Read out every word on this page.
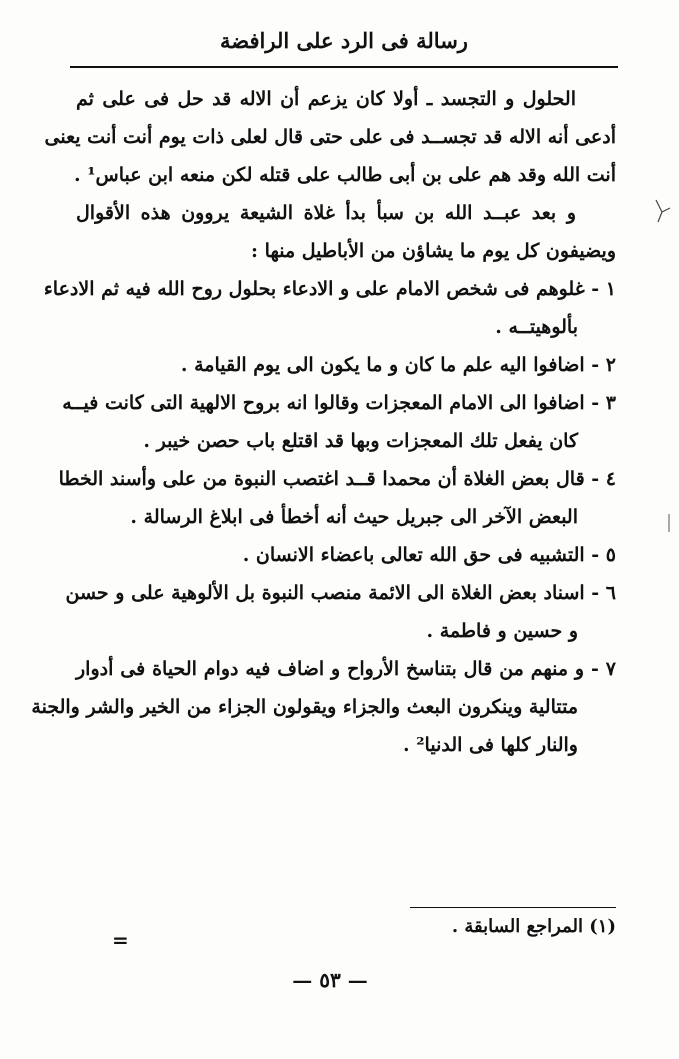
رسالة فى الرد على الرافضة
الحلول و التجسد ـ أولا كان يزعم أن الاله قد حل فى على ثم
أدعى أنه الاله قد تجســد فى على حتى قال لعلى ذات يوم أنت أنت يعنى
أنت الله وقد هم على بن أبى طالب على قتله لكن منعه ابن عباس¹ .
و بعد عبــد الله بن سبأ بدأ غلاة الشيعة يروون هذه الأقوال
ويضيفون كل يوم ما يشاؤن من الأباطيل منها :
١ - غلوهم فى شخص الامام على و الادعاء بحلول روح الله فيه ثم الادعاء
بألوهيتــه .
٢ - اضافوا اليه علم ما كان و ما يكون الى يوم القيامة .
٣ - اضافوا الى الامام المعجزات وقالوا انه بروح الالهية التى كانت فيــه
كان يفعل تلك المعجزات وبها قد اقتلع باب حصن خيبر .
٤ - قال بعض الغلاة أن محمدا قــد اغتصب النبوة من على وأسند الخطا
البعض الآخر الى جبريل حيث أنه أخطأ فى ابلاغ الرسالة .
٥ - التشبيه فى حق الله تعالى باعضاء الانسان .
٦ - اسناد بعض الغلاة الى الائمة منصب النبوة بل الألوهية على و حسن
و حسين و فاطمة .
٧ - و منهم من قال بتناسخ الأرواح و اضاف فيه دوام الحياة فى أدوار
متتالية وينكرون البعث والجزاء ويقولون الجزاء من الخير والشر والجنة
والنار كلها فى الدنيا² .
(١) المراجع السابقة .
=
— ٥٣ —
